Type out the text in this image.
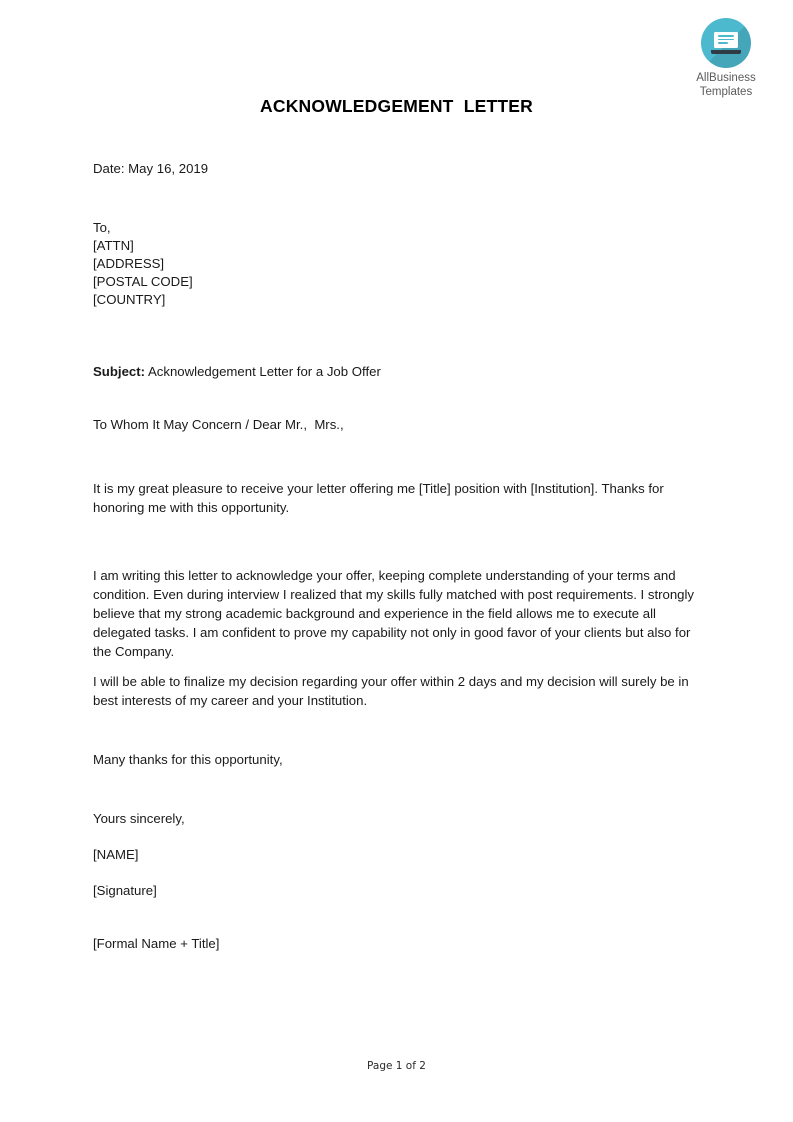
AllBusiness
Templates
ACKNOWLEDGEMENT  LETTER
Date: May 16, 2019
To,
[ATTN]
[ADDRESS]
[POSTAL CODE]
[COUNTRY]
Subject: Acknowledgement Letter for a Job Offer
To Whom It May Concern / Dear Mr.,  Mrs.,

It is my great pleasure to receive your letter offering me [Title] position with [Institution]. Thanks for honoring me with this opportunity.

I am writing this letter to acknowledge your offer, keeping complete understanding of your terms and condition. Even during interview I realized that my skills fully matched with post requirements. I strongly believe that my strong academic background and experience in the field allows me to execute all delegated tasks. I am confident to prove my capability not only in good favor of your clients but also for the Company.

I will be able to finalize my decision regarding your offer within 2 days and my decision will surely be in best interests of my career and your Institution.

Many thanks for this opportunity,
Yours sincerely,
[NAME]
[Signature]
[Formal Name + Title]
Page 1 of 2
